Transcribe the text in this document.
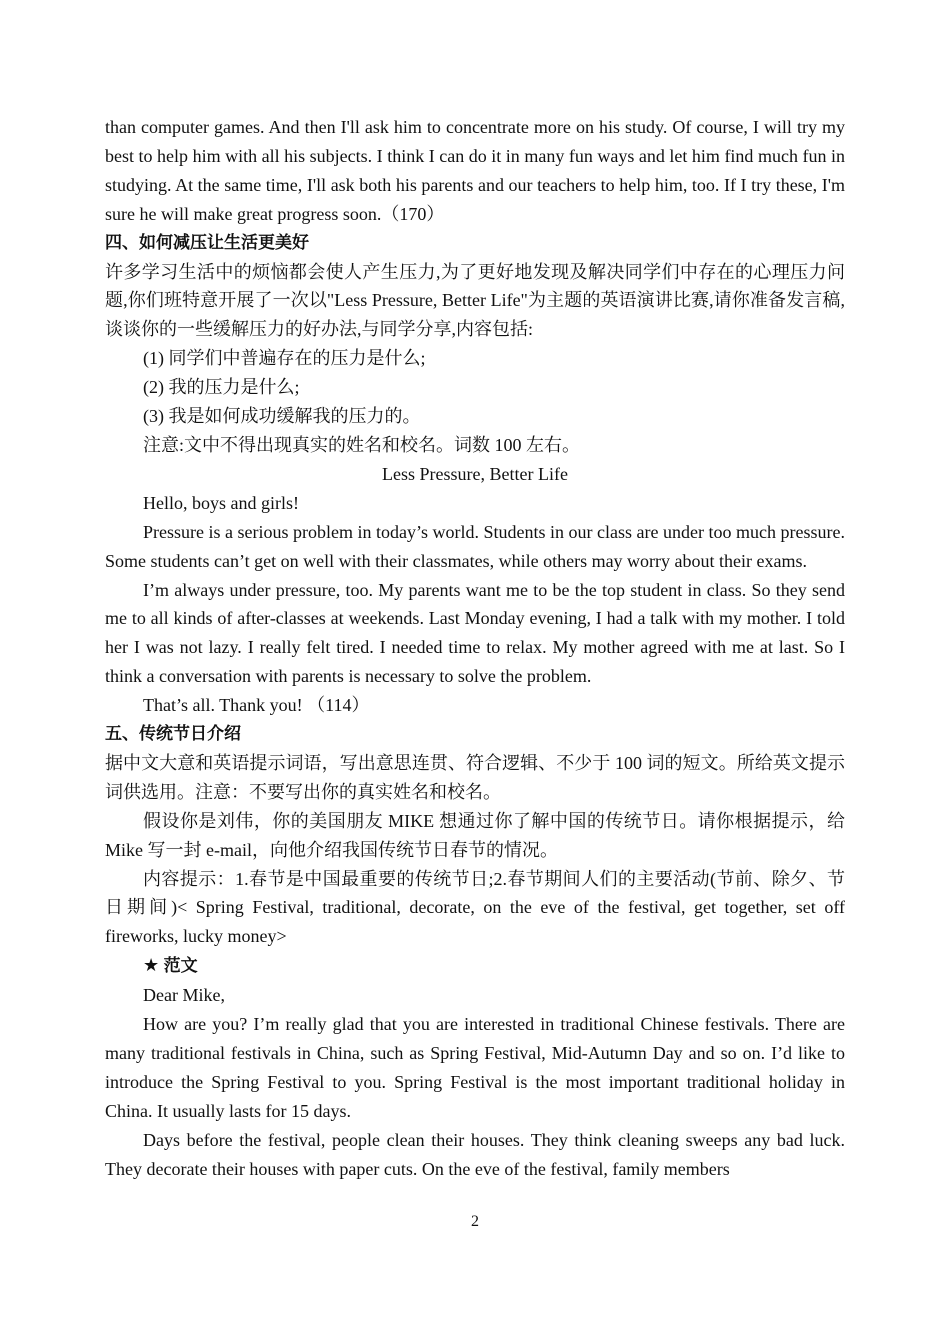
than computer games. And then I'll ask him to concentrate more on his study. Of course, I will try my best to help him with all his subjects. I think I can do it in many fun ways and let him find much fun in studying. At the same time, I'll ask both his parents and our teachers to help him, too. If I try these, I'm sure he will make great progress soon.（170）

四、如何减压让生活更美好

许多学习生活中的烦恼都会使人产生压力,为了更好地发现及解决同学们中存在的心理压力问题,你们班特意开展了一次以"Less Pressure, Better Life"为主题的英语演讲比赛,请你准备发言稿,谈谈你的一些缓解压力的好办法,与同学分享,内容包括:

(1) 同学们中普遍存在的压力是什么;

(2) 我的压力是什么;

(3) 我是如何成功缓解我的压力的。

注意:文中不得出现真实的姓名和校名。词数 100 左右。

Less Pressure, Better Life

Hello, boys and girls!

Pressure is a serious problem in today’s world. Students in our class are under too much pressure. Some students can’t get on well with their classmates, while others may worry about their exams.

I’m always under pressure, too. My parents want me to be the top student in class. So they send me to all kinds of after-classes at weekends. Last Monday evening, I had a talk with my mother. I told her I was not lazy. I really felt tired. I needed time to relax. My mother agreed with me at last. So I think a conversation with parents is necessary to solve the problem.

That’s all. Thank you! （114）

五、传统节日介绍

据中文大意和英语提示词语，写出意思连贯、符合逻辑、不少于 100 词的短文。所给英文提示词供选用。注意：不要写出你的真实姓名和校名。

假设你是刘伟，你的美国朋友 MIKE 想通过你了解中国的传统节日。请你根据提示，给 Mike 写一封 e-mail，向他介绍我国传统节日春节的情况。

内容提示：1.春节是中国最重要的传统节日;2.春节期间人们的主要活动(节前、除夕、节日期间)< Spring Festival, traditional, decorate, on the eve of the festival, get together, set off fireworks, lucky money>

★ 范文

Dear Mike,

How are you? I’m really glad that you are interested in traditional Chinese festivals. There are many traditional festivals in China, such as Spring Festival, Mid-Autumn Day and so on. I’d like to introduce the Spring Festival to you. Spring Festival is the most important traditional holiday in China. It usually lasts for 15 days.

Days before the festival, people clean their houses. They think cleaning sweeps any bad luck. They decorate their houses with paper cuts. On the eve of the festival, family members

2
